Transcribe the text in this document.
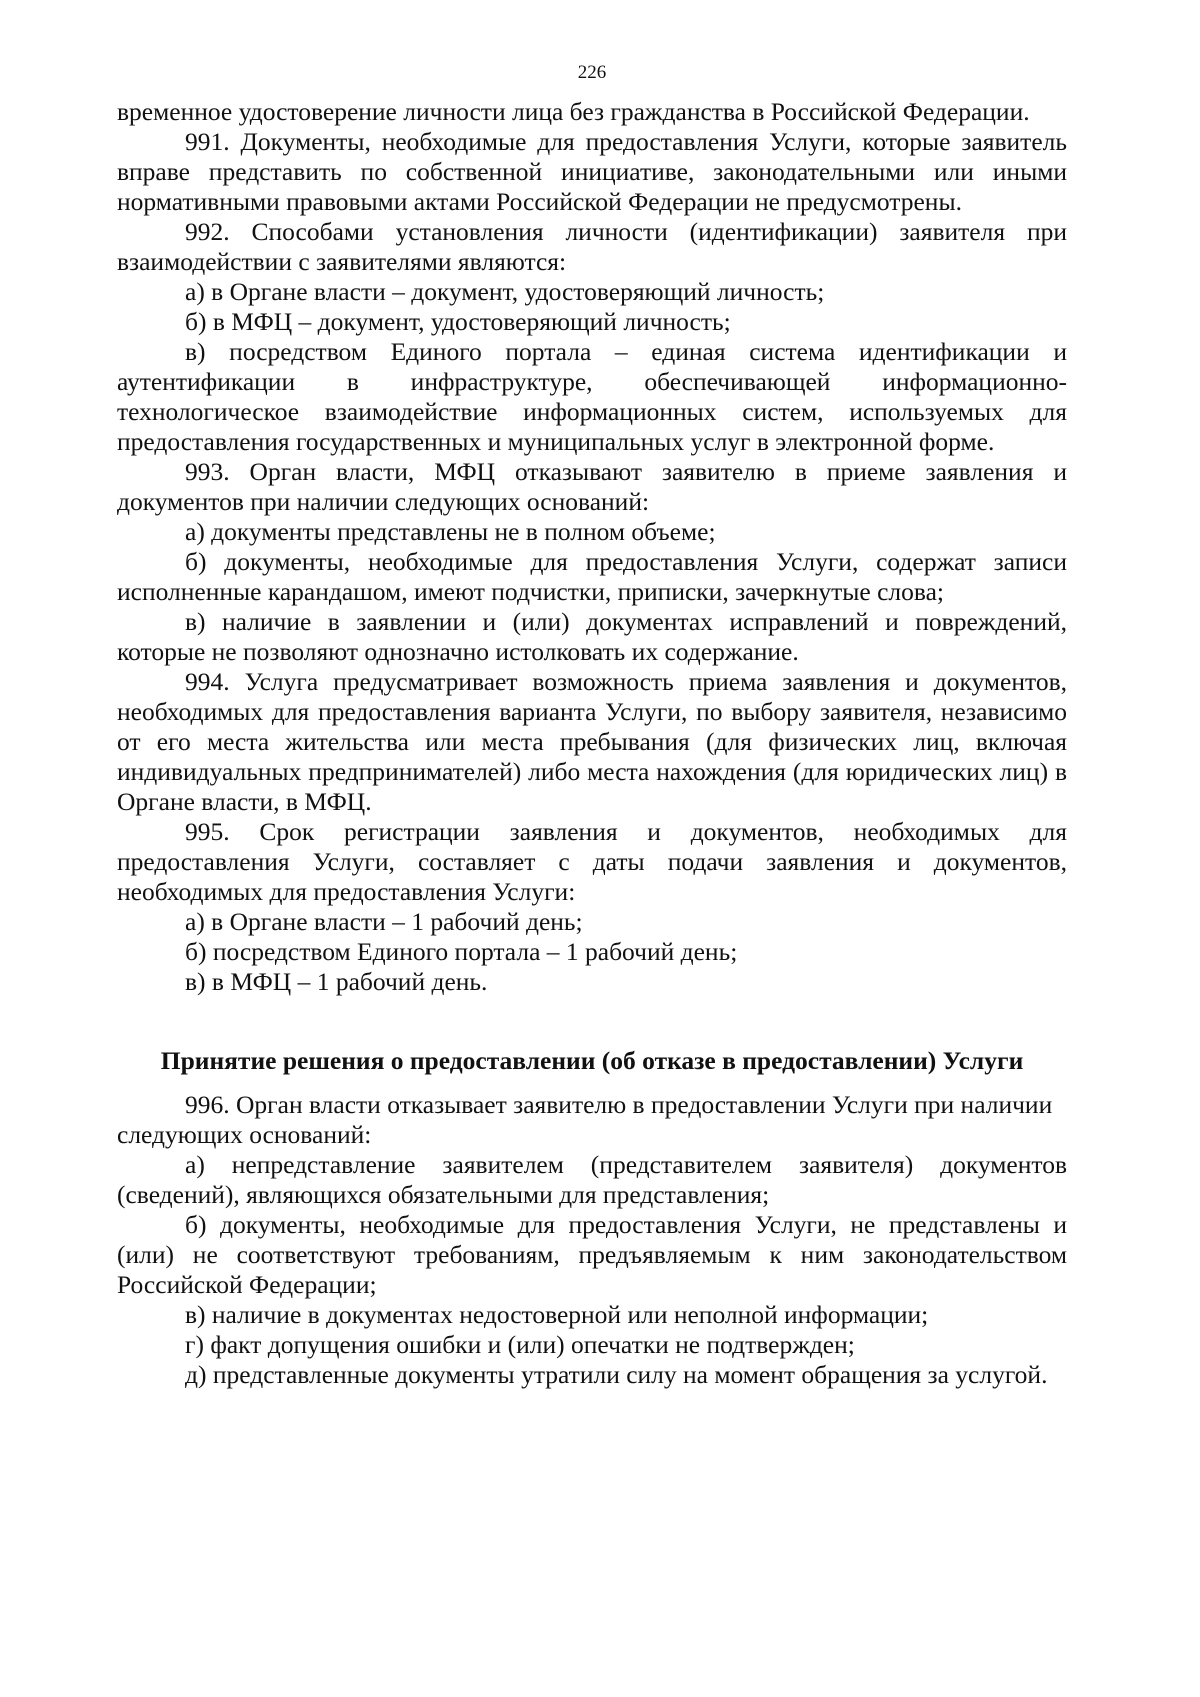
226

временное удостоверение личности лица без гражданства в Российской Федерации.

991. Документы, необходимые для предоставления Услуги, которые заявитель вправе представить по собственной инициативе, законодательными или иными нормативными правовыми актами Российской Федерации не предусмотрены.

992. Способами установления личности (идентификации) заявителя при взаимодействии с заявителями являются:

а) в Органе власти – документ, удостоверяющий личность;

б) в МФЦ – документ, удостоверяющий личность;

в) посредством Единого портала – единая система идентификации и аутентификации в инфраструктуре, обеспечивающей информационно-технологическое взаимодействие информационных систем, используемых для предоставления государственных и муниципальных услуг в электронной форме.

993. Орган власти, МФЦ отказывают заявителю в приеме заявления и документов при наличии следующих оснований:

а) документы представлены не в полном объеме;

б) документы, необходимые для предоставления Услуги, содержат записи исполненные карандашом, имеют подчистки, приписки, зачеркнутые слова;

в) наличие в заявлении и (или) документах исправлений и повреждений, которые не позволяют однозначно истолковать их содержание.

994. Услуга предусматривает возможность приема заявления и документов, необходимых для предоставления варианта Услуги, по выбору заявителя, независимо от его места жительства или места пребывания (для физических лиц, включая индивидуальных предпринимателей) либо места нахождения (для юридических лиц) в Органе власти, в МФЦ.

995. Срок регистрации заявления и документов, необходимых для предоставления Услуги, составляет с даты подачи заявления и документов, необходимых для предоставления Услуги:

а) в Органе власти – 1 рабочий день;

б) посредством Единого портала – 1 рабочий день;

в) в МФЦ – 1 рабочий день.

Принятие решения о предоставлении (об отказе в предоставлении) Услуги

996. Орган власти отказывает заявителю в предоставлении Услуги при наличии следующих оснований:

а) непредставление заявителем (представителем заявителя) документов (сведений), являющихся обязательными для представления;

б) документы, необходимые для предоставления Услуги, не представлены и (или) не соответствуют требованиям, предъявляемым к ним законодательством Российской Федерации;

в) наличие в документах недостоверной или неполной информации;

г) факт допущения ошибки и (или) опечатки не подтвержден;

д) представленные документы утратили силу на момент обращения за услугой.
